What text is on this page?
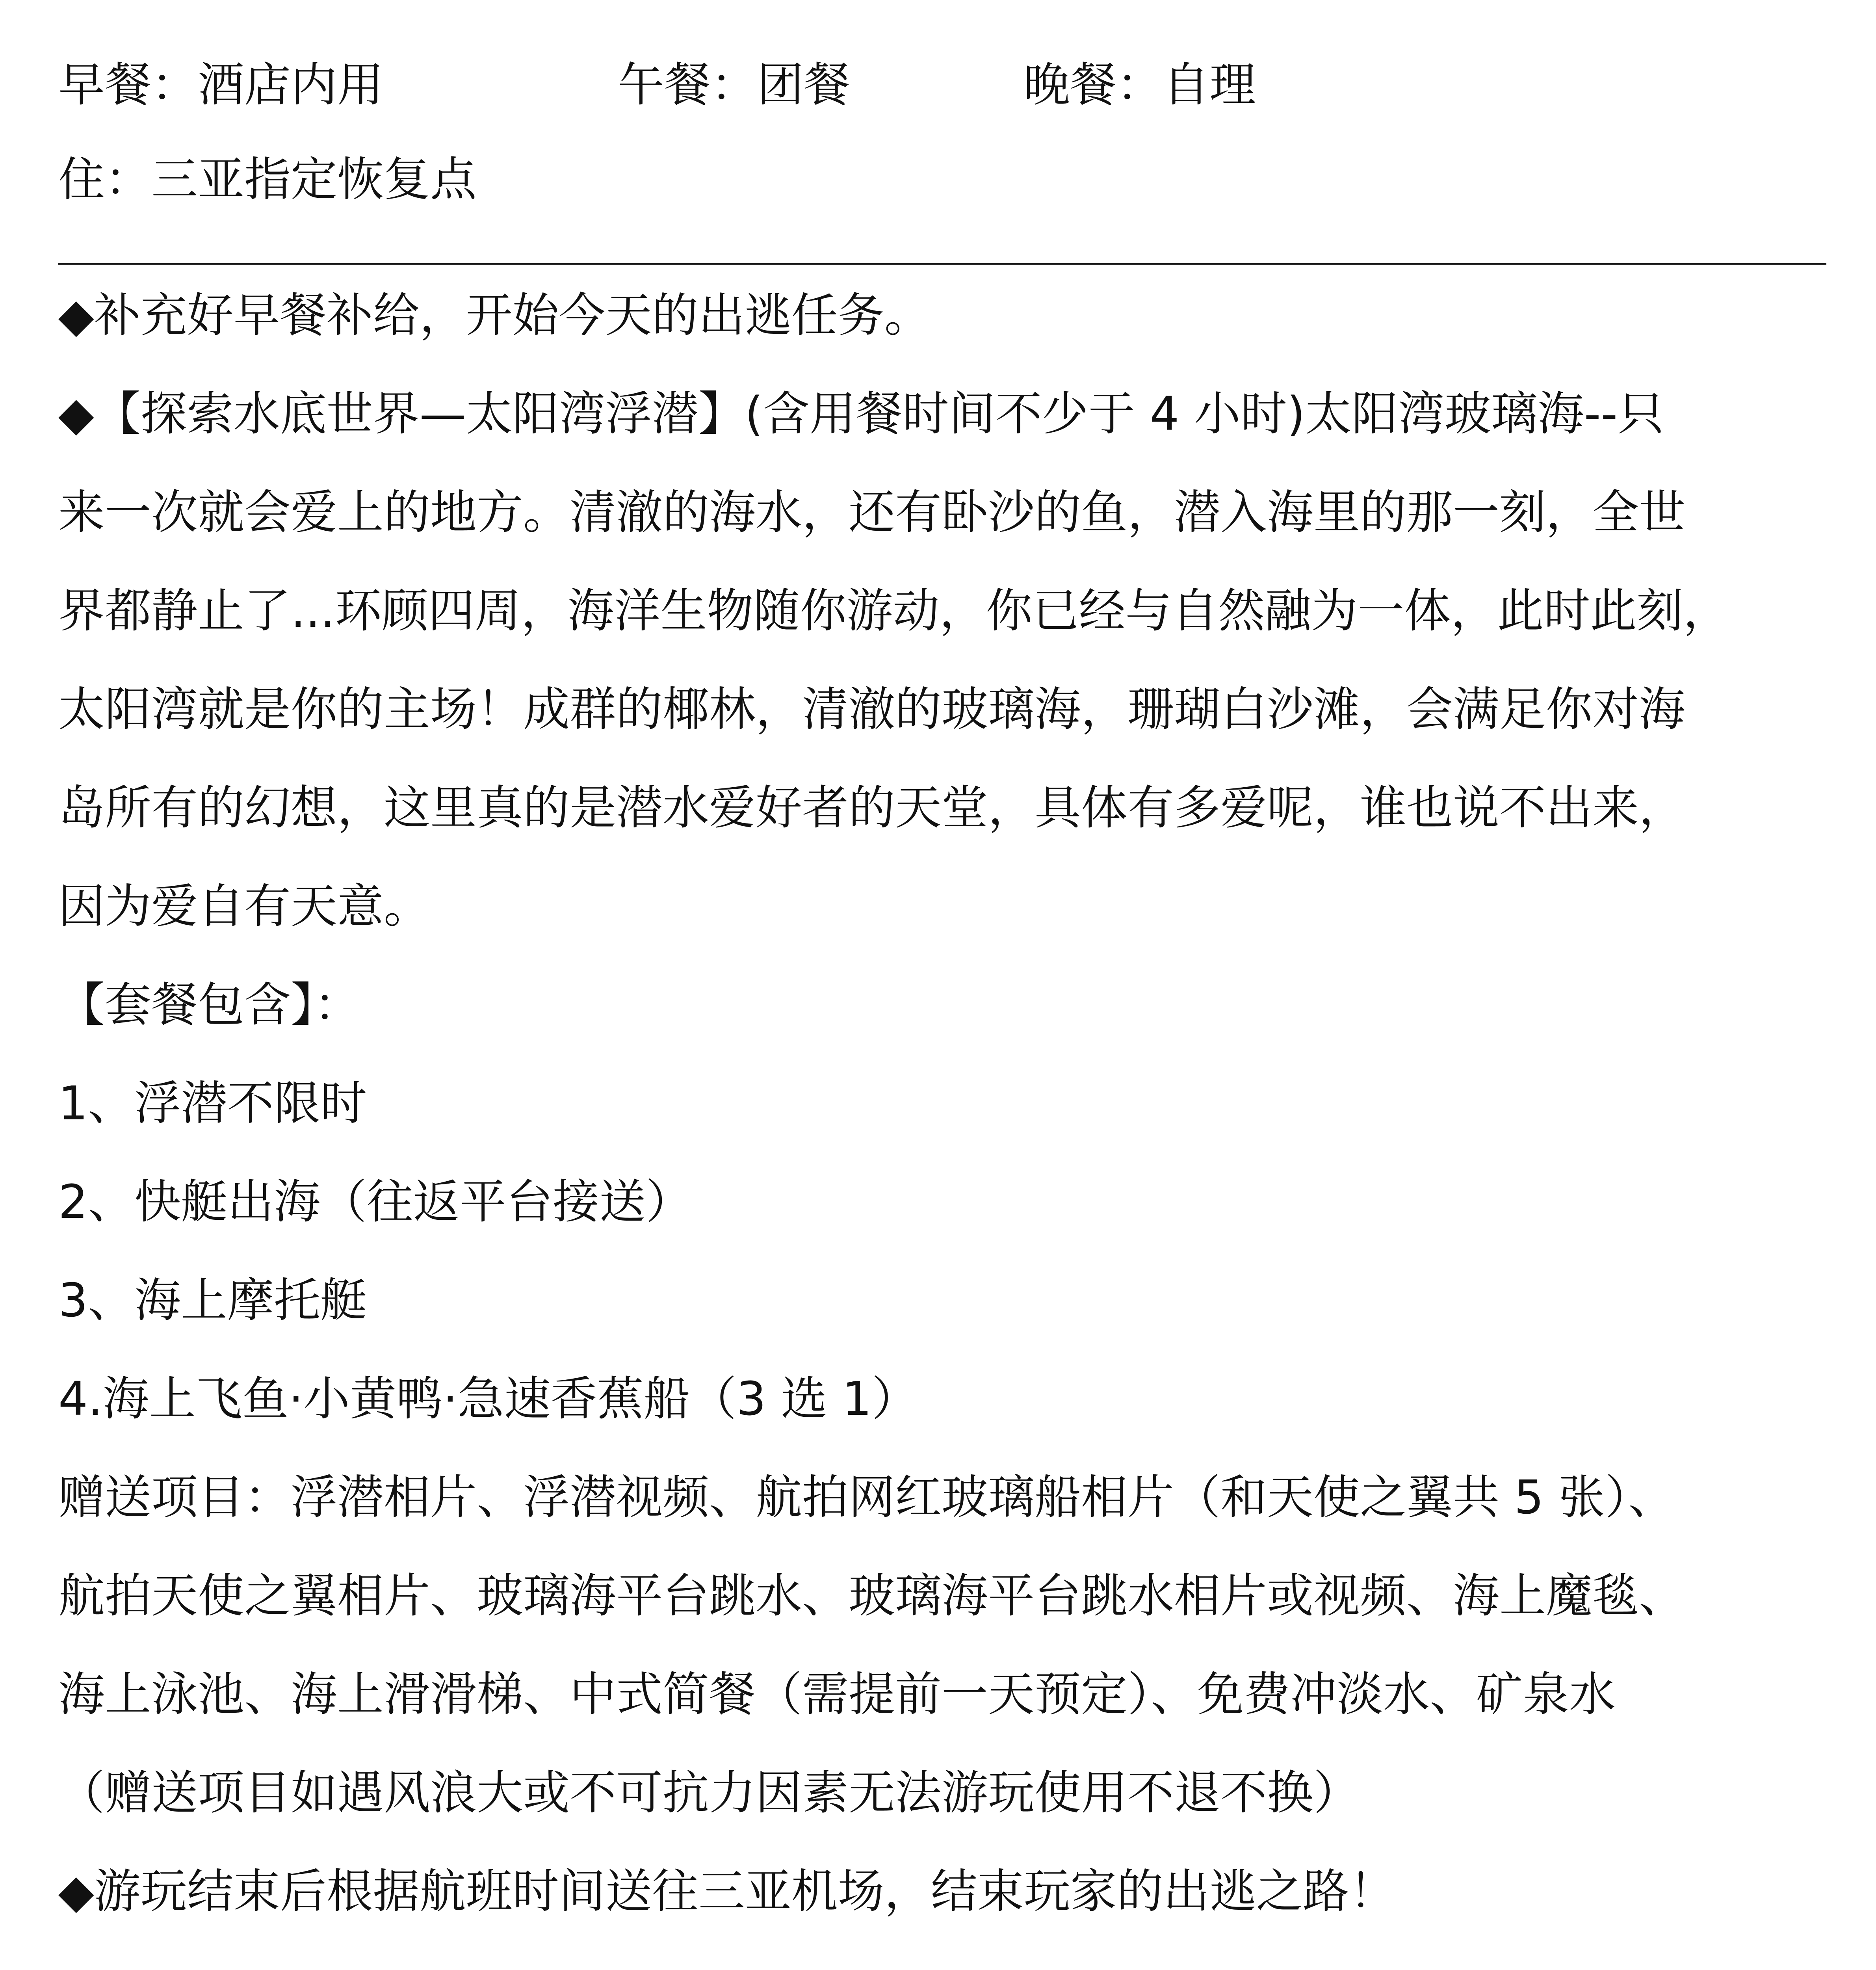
早餐：酒店内用	午餐：团餐	晚餐：自理
住：三亚指定恢复点
◆补充好早餐补给，开始今天的出逃任务。
◆【探索水底世界—太阳湾浮潜】(含用餐时间不少于 4 小时)太阳湾玻璃海--只
来一次就会爱上的地方。清澈的海水，还有卧沙的鱼，潜入海里的那一刻，全世
界都静止了...环顾四周，海洋生物随你游动，你已经与自然融为一体，此时此刻，
太阳湾就是你的主场！成群的椰林，清澈的玻璃海，珊瑚白沙滩，会满足你对海
岛所有的幻想，这里真的是潜水爱好者的天堂，具体有多爱呢，谁也说不出来，
因为爱自有天意。
【套餐包含】：
1、浮潜不限时
2、快艇出海（往返平台接送）
3、海上摩托艇
4.海上飞鱼·小黄鸭·急速香蕉船（3 选 1）
赠送项目：浮潜相片、浮潜视频、航拍网红玻璃船相片（和天使之翼共 5 张）、
航拍天使之翼相片、玻璃海平台跳水、玻璃海平台跳水相片或视频、海上魔毯、
海上泳池、海上滑滑梯、中式简餐（需提前一天预定）、免费冲淡水、矿泉水
（赠送项目如遇风浪大或不可抗力因素无法游玩使用不退不换）
◆游玩结束后根据航班时间送往三亚机场，结束玩家的出逃之路！
